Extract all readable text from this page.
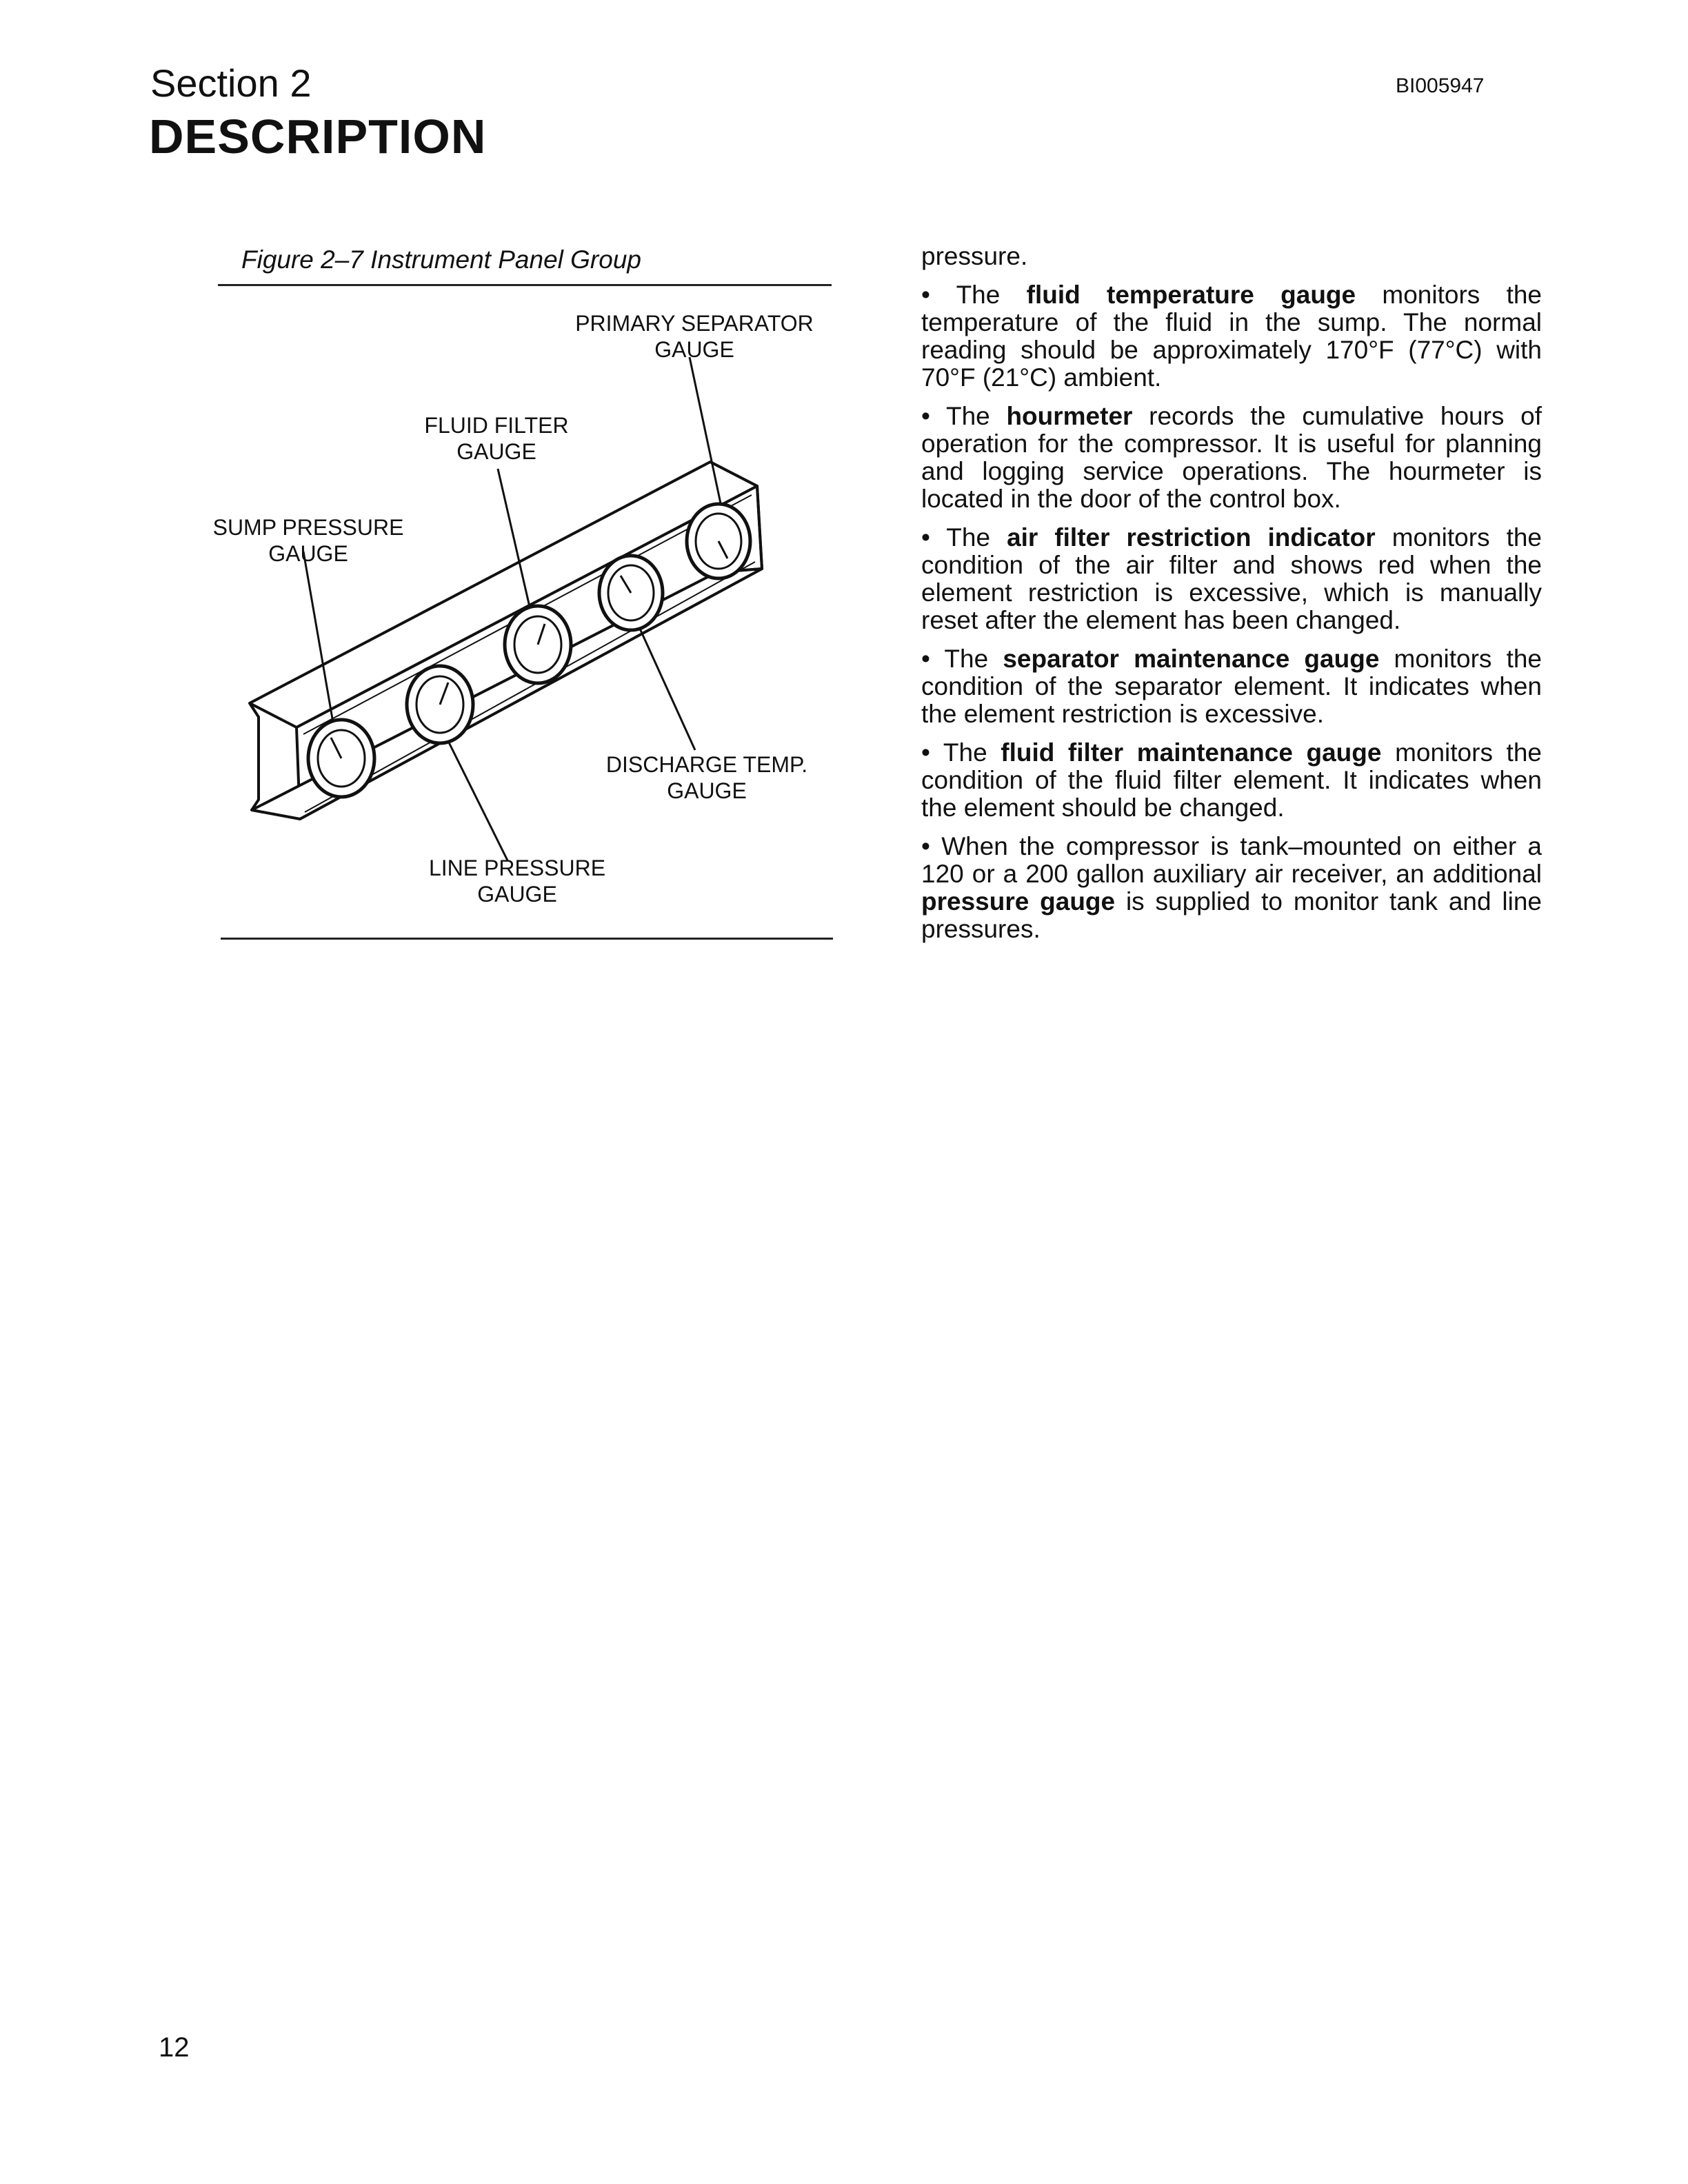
Section 2
DESCRIPTION
BI005947
Figure 2–7 Instrument Panel Group
PRIMARY SEPARATOR
GAUGE
FLUID FILTER
GAUGE
SUMP PRESSURE
GAUGE
DISCHARGE TEMP.
GAUGE
LINE PRESSURE
GAUGE

pressure.

• The fluid temperature gauge monitors the temperature of the fluid in the sump. The normal reading should be approximately 170°F (77°C) with 70°F (21°C) ambient.

• The hourmeter records the cumulative hours of operation for the compressor. It is useful for planning and logging service operations. The hourmeter is located in the door of the control box.

• The air filter restriction indicator monitors the condition of the air filter and shows red when the element restriction is excessive, which is manually reset after the element has been changed.

• The separator maintenance gauge monitors the condition of the separator element. It indicates when the element restriction is excessive.

• The fluid filter maintenance gauge monitors the condition of the fluid filter element. It indicates when the element should be changed.

• When the compressor is tank–mounted on either a 120 or a 200 gallon auxiliary air receiver, an additional pressure gauge is supplied to monitor tank and line pressures.

12
